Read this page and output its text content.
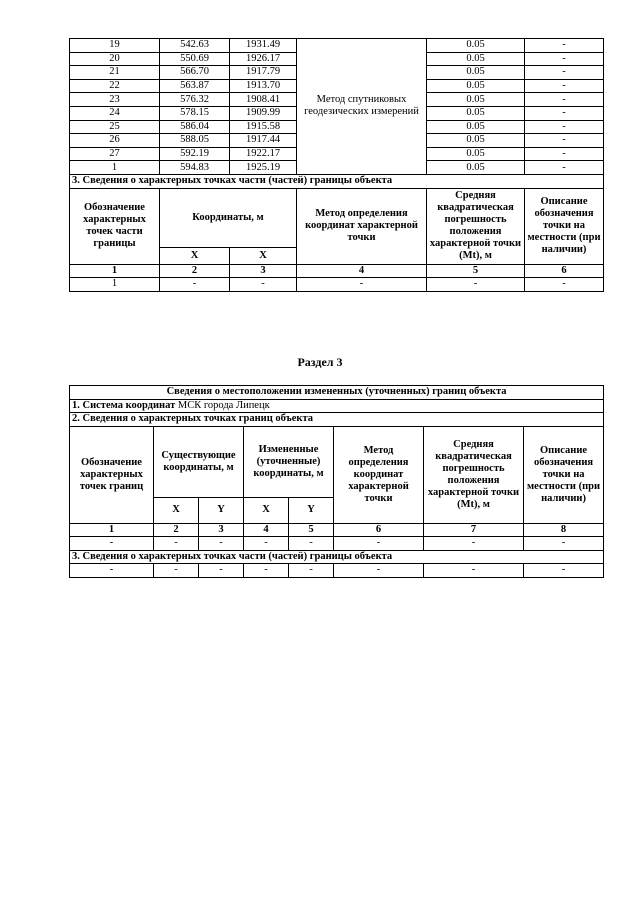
19	542.63	1931.49	Метод спутниковых геодезических измерений	0.05	-
20	550.69	1926.17		0.05	-
21	566.70	1917.79		0.05	-
22	563.87	1913.70		0.05	-
23	576.32	1908.41		0.05	-
24	578.15	1909.99		0.05	-
25	586.04	1915.58		0.05	-
26	588.05	1917.44		0.05	-
27	592.19	1922.17		0.05	-
1	594.83	1925.19		0.05	-
3. Сведения о характерных точках части (частей) границы объекта					
Обозначение характерных точек части границы	Координаты, м		Метод определения координат характерной точки	Средняя квадратическая погрешность положения характерной точки (Mt), м	Описание обозначения точки на местности (при наличии)
	X	X			
1	2	3	4	5	6
1	-	-	-	-	-
Раздел 3
Сведения о местоположении измененных (уточненных) границ объекта							
1. Система координат МСК города Липецк							
2. Сведения о характерных точках границ объекта							
Обозначение характерных точек границ	Существующие координаты, м		Измененные (уточненные) координаты, м		Метод определения координат характерной точки	Средняя квадратическая погрешность положения характерной точки (Mt), м	Описание обозначения точки на местности (при наличии)
	X	Y	X	Y			
1	2	3	4	5	6	7	8
-	-	-	-	-	-	-	-
3. Сведения о характерных точках части (частей) границы объекта							
-	-	-	-	-	-	-	-
